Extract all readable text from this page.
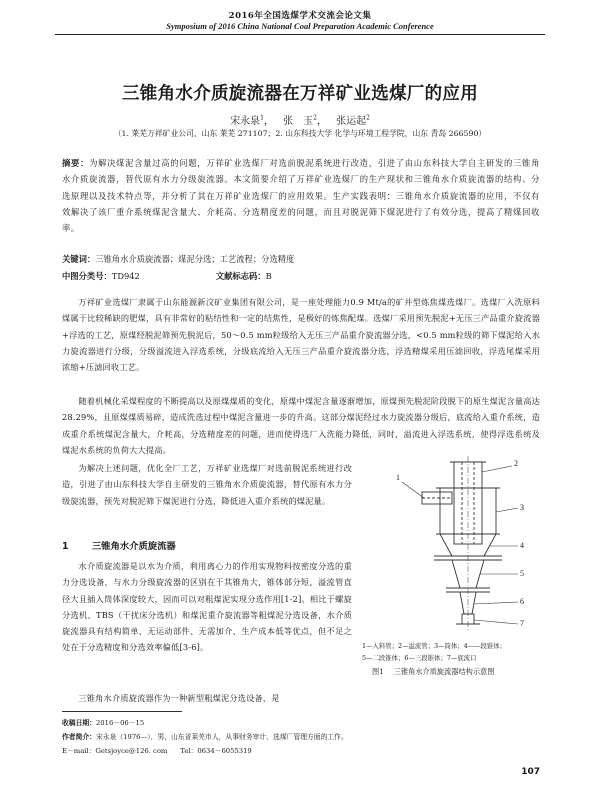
2016年全国选煤学术交流会论文集
Symposium of 2016 China National Coal Preparation Academic Conference
三锥角水介质旋流器在万祥矿业选煤厂的应用
宋永泉$^1$， 张　玉$^2$， 张运起$^2$
（1. 莱芜万祥矿业公司，山东 莱芜 271107；2. 山东科技大学 化学与环境工程学院，山东 青岛 266590）
摘要：为解决煤泥含量过高的问题，万祥矿业选煤厂对选前脱泥系统进行改造，引进了由山东科技大学自主研发的三锥角水介质旋流器，替代原有水力分级旋流器。本文简要介绍了万祥矿业选煤厂的生产现状和三锥角水介质旋流器的结构、分选原理以及技术特点等，并分析了其在万祥矿业选煤厂的应用效果。生产实践表明：三锥角水介质旋流器的应用，不仅有效解决了该厂重介系统煤泥含量大、介耗高、分选精度差的问题，而且对脱泥筛下煤泥进行了有效分选，提高了精煤回收率。
关键词：三锥角水介质旋流器；煤泥分选；工艺流程；分选精度
中图分类号：TD942	文献标志码：B
万祥矿业选煤厂隶属于山东能源新汶矿业集团有限公司，是一座处理能力0.9 Mt/a的矿井型炼焦煤选煤厂。选煤厂入洗原料煤属于比较稀缺的肥煤，具有非常好的粘结性和一定的结焦性，是极好的炼焦配煤。选煤厂采用预先脱泥+无压三产品重介旋流器+浮选的工艺，原煤经脱泥筛预先脱泥后，50～0.5 mm粒级给入无压三产品重介旋流器分选，<0.5 mm粒级的筛下煤泥给入水力旋流器进行分级，分级溢流进入浮选系统，分级底流给入无压三产品重介旋流器分选，浮选精煤采用压滤回收，浮选尾煤采用浓缩+压滤回收工艺。
随着机械化采煤程度的不断提高以及原煤煤质的变化，原煤中煤泥含量逐渐增加，原煤预先脱泥阶段脱下的原生煤泥含量高达28.29%，且原煤煤质易碎，造成洗选过程中煤泥含量进一步的升高。这部分煤泥经过水力旋流器分级后，底流给入重介系统，造成重介系统煤泥含量大，介耗高，分选精度差的问题，进而使得选厂入洗能力降低，同时，溢流进入浮选系统，使得浮选系统及煤泥水系统的负荷大大提高。
为解决上述问题，优化全厂工艺，万祥矿业选煤厂对选前脱泥系统进行改造，引进了由山东科技大学自主研发的三锥角水介质旋流器，替代原有水力分级旋流器，预先对脱泥筛下煤泥进行分选，降低进入重介系统的煤泥量。
1	三锥角水介质旋流器
水介质旋流器是以水为介质，利用离心力的作用实现物料按密度分选的重力分选设备，与水力分级旋流器的区别在于其锥角大，锥体部分短，溢流管直径大且插入筒体深度较大，因而可以对粗煤泥实现分选作用[1-2]。相比于螺旋分选机、TBS（干扰床分选机）和煤泥重介旋流器等粗煤泥分选设备，水介质旋流器具有结构简单、无运动部件、无需加介、生产成本低等优点，但不足之处在于分选精度和分选效率偏低[3-6]。
三锥角水介质旋流器作为一种新型粗煤泥分选设备，是
1
2
3
4
5
6
7
1—入料管；2—溢流管；3—筒体；4——段锥体；
5—二段锥体；6—三段锥体；7—底流口
图1 三锥角水介质旋流器结构示意图
收稿日期：2016－06－15
作者简介：宋永泉（1976—），男，山东省莱芜市人，从事财务审计、选煤厂管理方面的工作。
E－mail：Getsjoyce@126. com Tel：0634－6055319
107
